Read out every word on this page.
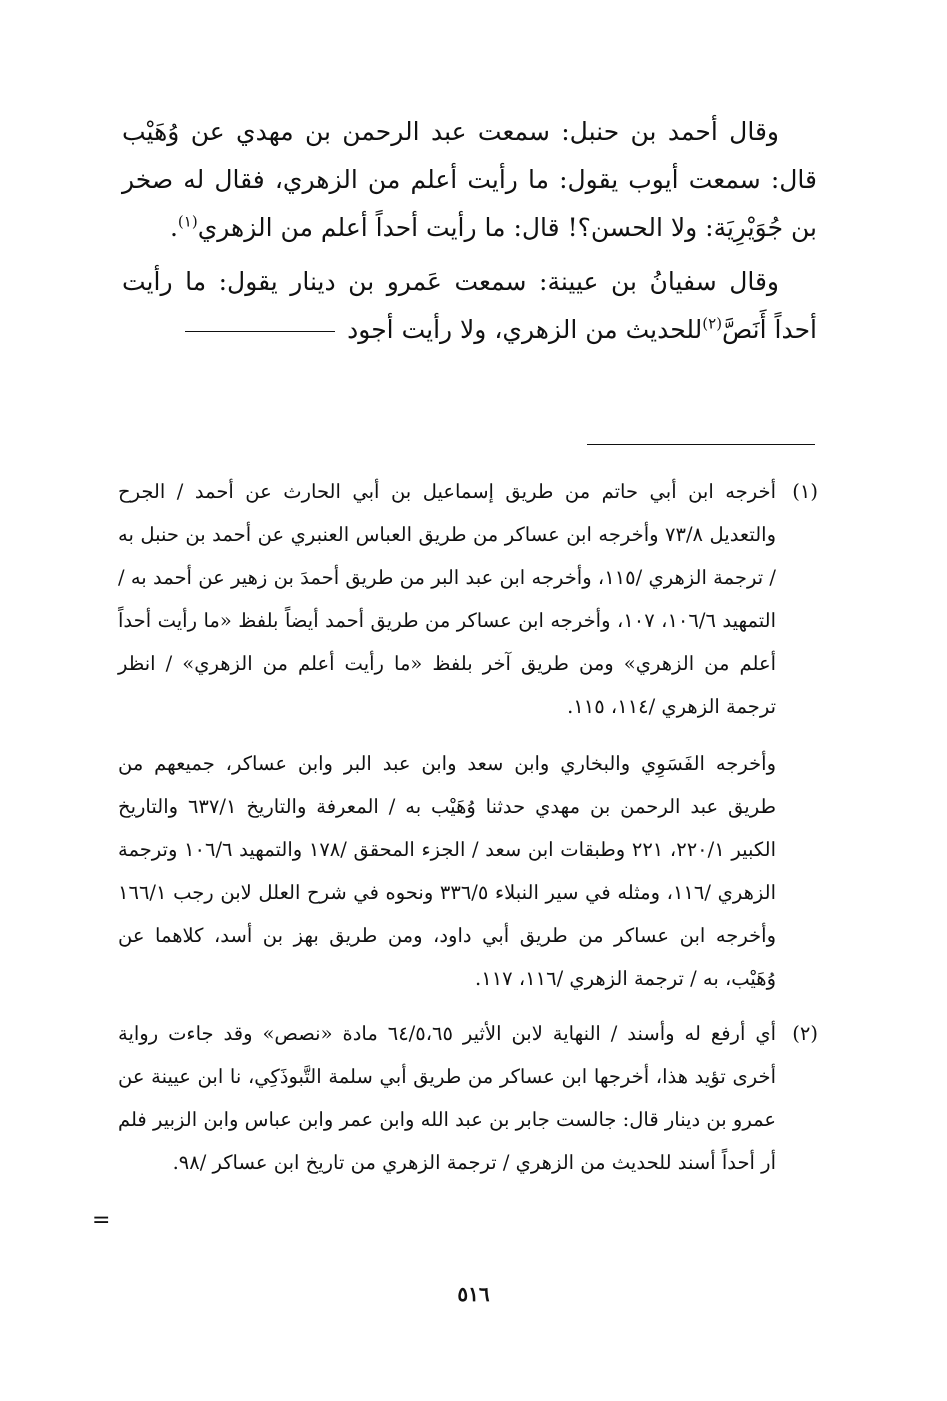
وقال أحمد بن حنبل: سمعت عبد الرحمن بن مهدي عن وُهَيْب قال: سمعت أيوب يقول: ما رأيت أعلم من الزهري، فقال له صخر بن جُوَيْرِيَة: ولا الحسن؟! قال: ما رأيت أحداً أعلم من الزهري$^{(١)}$.

وقال سفيانُ بن عيينة: سمعت عَمرو بن دينار يقول: ما رأيت أحداً أَنَصَّ$^{(٢)}$للحديث من الزهري، ولا رأيت أجود

(١)

أخرجه ابن أبي حاتم من طريق إسماعيل بن أبي الحارث عن أحمد / الجرح والتعديل ٧٣/٨ وأخرجه ابن عساكر من طريق العباس العنبري عن أحمد بن حنبل به / ترجمة الزهري /١١٥، وأخرجه ابن عبد البر من طريق أحمدَ بن زهير عن أحمد به / التمهيد ١٠٦/٦، ١٠٧، وأخرجه ابن عساكر من طريق أحمد أيضاً بلفظ «ما رأيت أحداً أعلم من الزهري» ومن طريق آخر بلفظ «ما رأيت أعلم من الزهري» / انظر ترجمة الزهري /١١٤، ١١٥.

وأخرجه الفَسَوِي والبخاري وابن سعد وابن عبد البر وابن عساكر، جميعهم من طريق عبد الرحمن بن مهدي حدثنا وُهَيْب به / المعرفة والتاريخ ٦٣٧/١ والتاريخ الكبير ٢٢٠/١، ٢٢١ وطبقات ابن سعد / الجزء المحقق /١٧٨ والتمهيد ١٠٦/٦ وترجمة الزهري /١١٦، ومثله في سير النبلاء ٣٣٦/٥ ونحوه في شرح العلل لابن رجب ١٦٦/١ وأخرجه ابن عساكر من طريق أبي داود، ومن طريق بهز بن أسد، كلاهما عن وُهَيْب، به / ترجمة الزهري /١١٦، ١١٧.

(٢)

أي أرفع له وأسند / النهاية لابن الأثير ٦٤/٥،٦٥ مادة «نصص» وقد جاءت رواية أخرى تؤيد هذا، أخرجها ابن عساكر من طريق أبي سلمة التَّبوذَكِي، نا ابن عيينة عن عمرو بن دينار قال: جالست جابر بن عبد الله وابن عمر وابن عباس وابن الزبير فلم أر أحداً أسند للحديث من الزهري / ترجمة الزهري من تاريخ ابن عساكر /٩٨.

=
٥١٦
